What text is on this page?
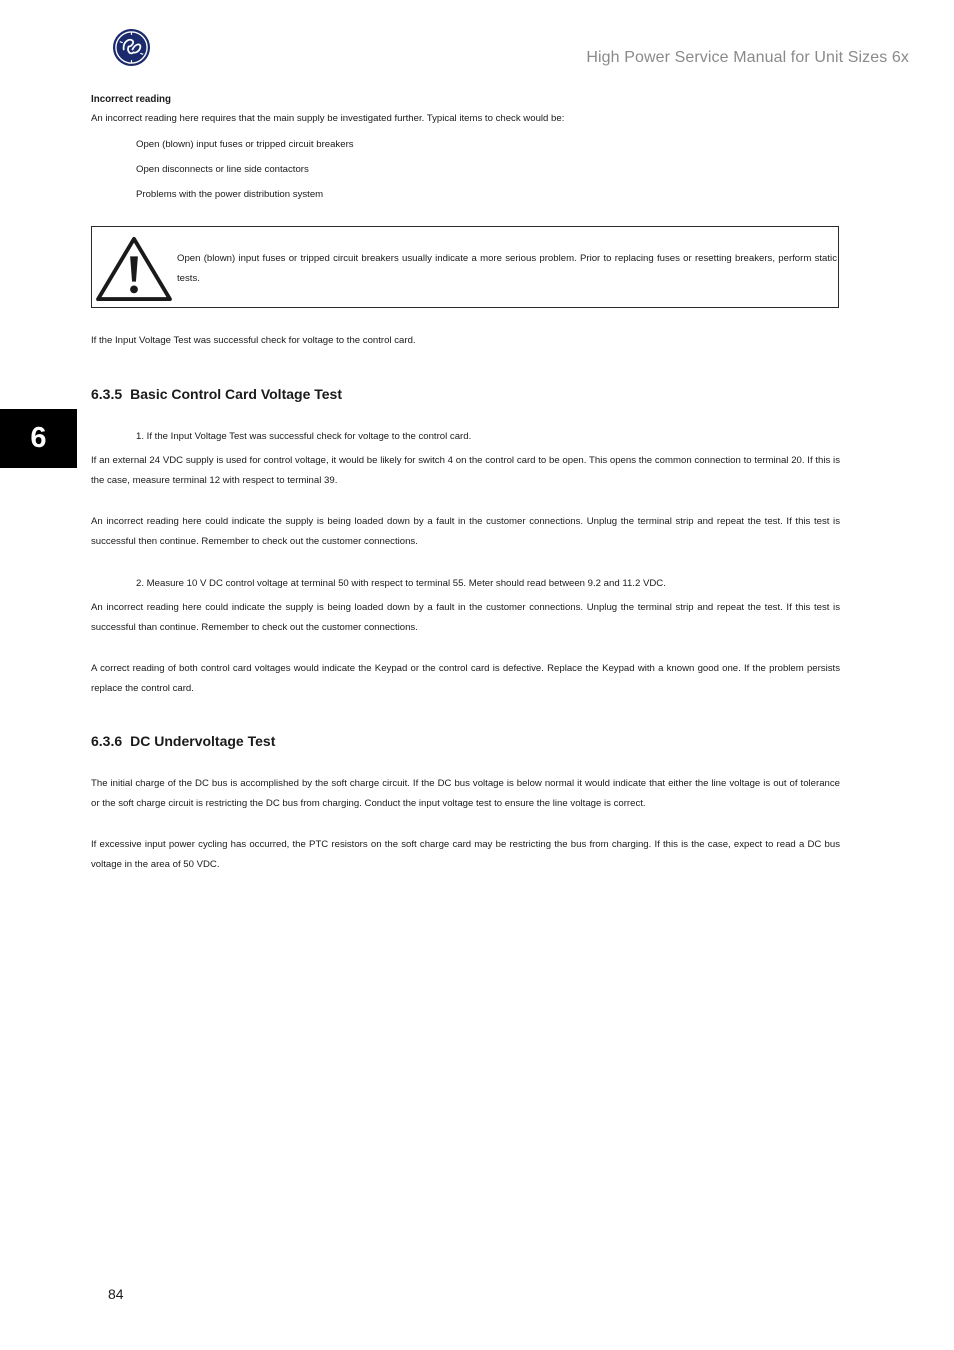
High Power Service Manual for Unit Sizes 6x
Incorrect reading
An incorrect reading here requires that the main supply be investigated further. Typical items to check would be:
Open (blown) input fuses or tripped circuit breakers
Open disconnects or line side contactors
Problems with the power distribution system
Open (blown) input fuses or tripped circuit breakers usually indicate a more serious problem. Prior to replacing fuses or resetting breakers, perform static tests.
If the Input Voltage Test was successful check for voltage to the control card.
6.3.5 Basic Control Card Voltage Test
6	1. If the Input Voltage Test was successful check for voltage to the control card.
If an external 24 VDC supply is used for control voltage, it would be likely for switch 4 on the control card to be open. This opens the common connection to terminal 20. If this is the case, measure terminal 12 with respect to terminal 39.
An incorrect reading here could indicate the supply is being loaded down by a fault in the customer connections. Unplug the terminal strip and repeat the test. If this test is successful then continue. Remember to check out the customer connections.
2. Measure 10 V DC control voltage at terminal 50 with respect to terminal 55. Meter should read between 9.2 and 11.2 VDC.
An incorrect reading here could indicate the supply is being loaded down by a fault in the customer connections. Unplug the terminal strip and repeat the test. If this test is successful than continue. Remember to check out the customer connections.
A correct reading of both control card voltages would indicate the Keypad or the control card is defective. Replace the Keypad with a known good one. If the problem persists replace the control card.
6.3.6 DC Undervoltage Test
The initial charge of the DC bus is accomplished by the soft charge circuit. If the DC bus voltage is below normal it would indicate that either the line voltage is out of tolerance or the soft charge circuit is restricting the DC bus from charging. Conduct the input voltage test to ensure the line voltage is correct.
If excessive input power cycling has occurred, the PTC resistors on the soft charge card may be restricting the bus from charging. If this is the case, expect to read a DC bus voltage in the area of 50 VDC.
84
